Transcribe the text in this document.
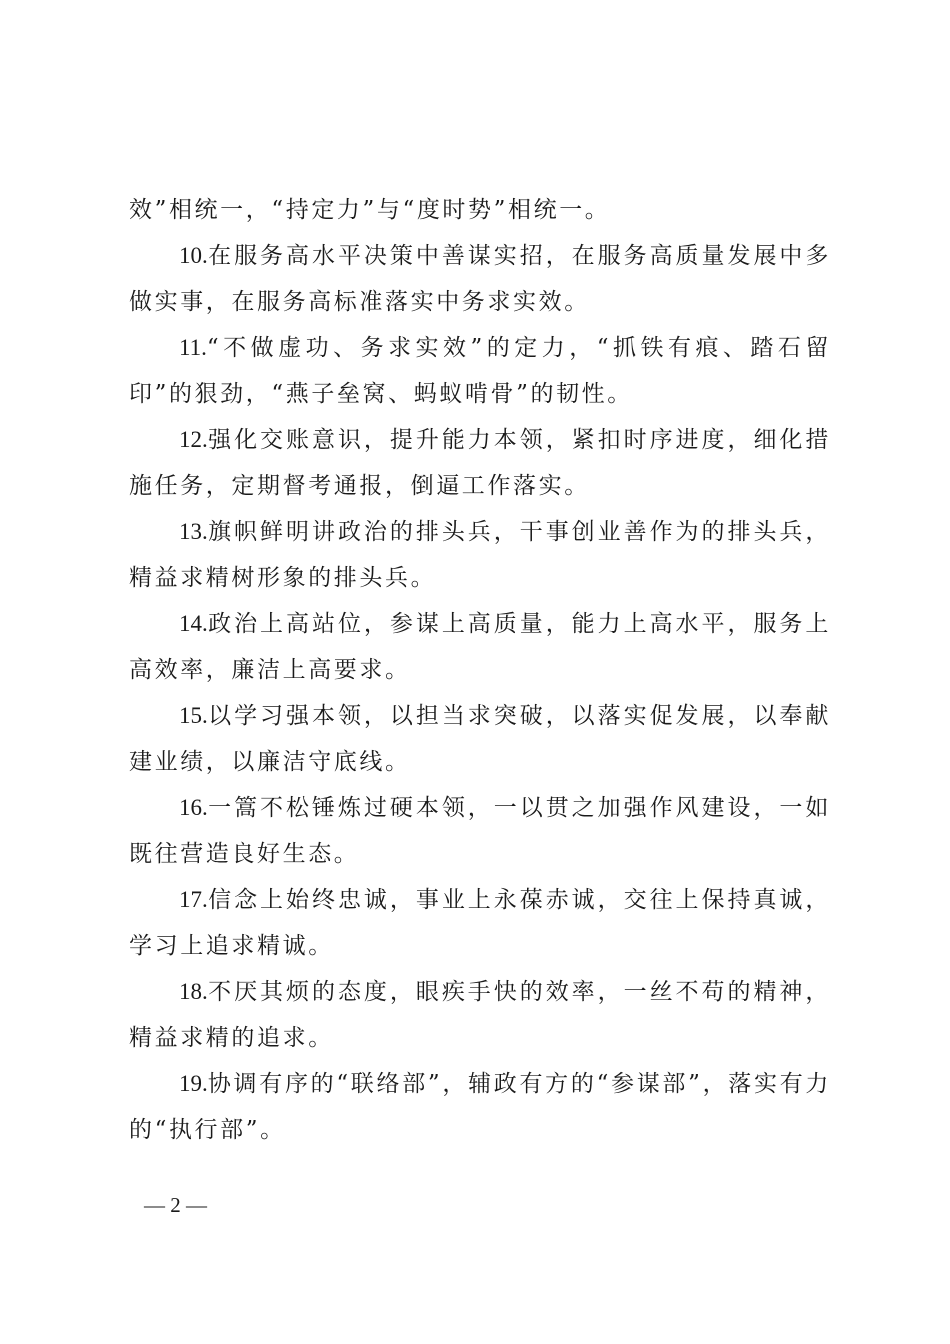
效”相统一，“持定力”与“度时势”相统一。

10.在服务高水平决策中善谋实招，在服务高质量发展中多做实事，在服务高标准落实中务求实效。

11.“不做虚功、务求实效”的定力，“抓铁有痕、踏石留印”的狠劲，“燕子垒窝、蚂蚁啃骨”的韧性。

12.强化交账意识，提升能力本领，紧扣时序进度，细化措施任务，定期督考通报，倒逼工作落实。

13.旗帜鲜明讲政治的排头兵，干事创业善作为的排头兵，精益求精树形象的排头兵。

14.政治上高站位，参谋上高质量，能力上高水平，服务上高效率，廉洁上高要求。

15.以学习强本领，以担当求突破，以落实促发展，以奉献建业绩，以廉洁守底线。

16.一篙不松锤炼过硬本领，一以贯之加强作风建设，一如既往营造良好生态。

17.信念上始终忠诚，事业上永葆赤诚，交往上保持真诚，学习上追求精诚。

18.不厌其烦的态度，眼疾手快的效率，一丝不苟的精神，精益求精的追求。

19.协调有序的“联络部”，辅政有方的“参谋部”，落实有力的“执行部”。

— 2 —
